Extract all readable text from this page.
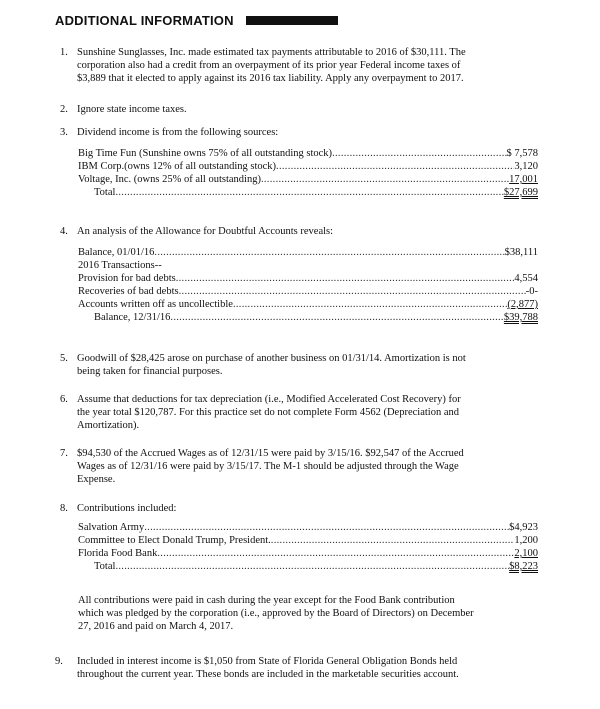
ADDITIONAL INFORMATION
1. Sunshine Sunglasses, Inc. made estimated tax payments attributable to 2016 of $30,111. The
corporation also had a credit from an overpayment of its prior year Federal income taxes of
$3,889 that it elected to apply against its 2016 tax liability. Apply any overpayment to 2017.
2. Ignore state income taxes.
3. Dividend income is from the following sources:
Big Time Fun (Sunshine owns 75% of all outstanding stock) .....	$ 7,578
IBM Corp.(owns 12% of all outstanding stock) .....	3,120
Voltage, Inc. (owns 25% of all outstanding) .....	17,001
Total .....	$27,699
4. An analysis of the Allowance for Doubtful Accounts reveals:
Balance, 01/01/16 .....	$38,111
2016 Transactions--
Provision for bad debts .....	4,554
Recoveries of bad debts .....	-0-
Accounts written off as uncollectible .....	(2,877)
Balance, 12/31/16 .....	$39,788
5. Goodwill of $28,425 arose on purchase of another business on 01/31/14. Amortization is not
being taken for financial purposes.
6. Assume that deductions for tax depreciation (i.e., Modified Accelerated Cost Recovery) for
the year total $120,787. For this practice set do not complete Form 4562 (Depreciation and
Amortization).
7. $94,530 of the Accrued Wages as of 12/31/15 were paid by 3/15/16. $92,547 of the Accrued
Wages as of 12/31/16 were paid by 3/15/17. The M-1 should be adjusted through the Wage
Expense.
8. Contributions included:
Salvation Army .....	$4,923
Committee to Elect Donald Trump, President. .....	1,200
Florida Food Bank .....	2,100
Total .....	$8,223
All contributions were paid in cash during the year except for the Food Bank contribution
which was pledged by the corporation (i.e., approved by the Board of Directors) on December
27, 2016 and paid on March 4, 2017.
9. Included in interest income is $1,050 from State of Florida General Obligation Bonds held
throughout the current year. These bonds are included in the marketable securities account.
